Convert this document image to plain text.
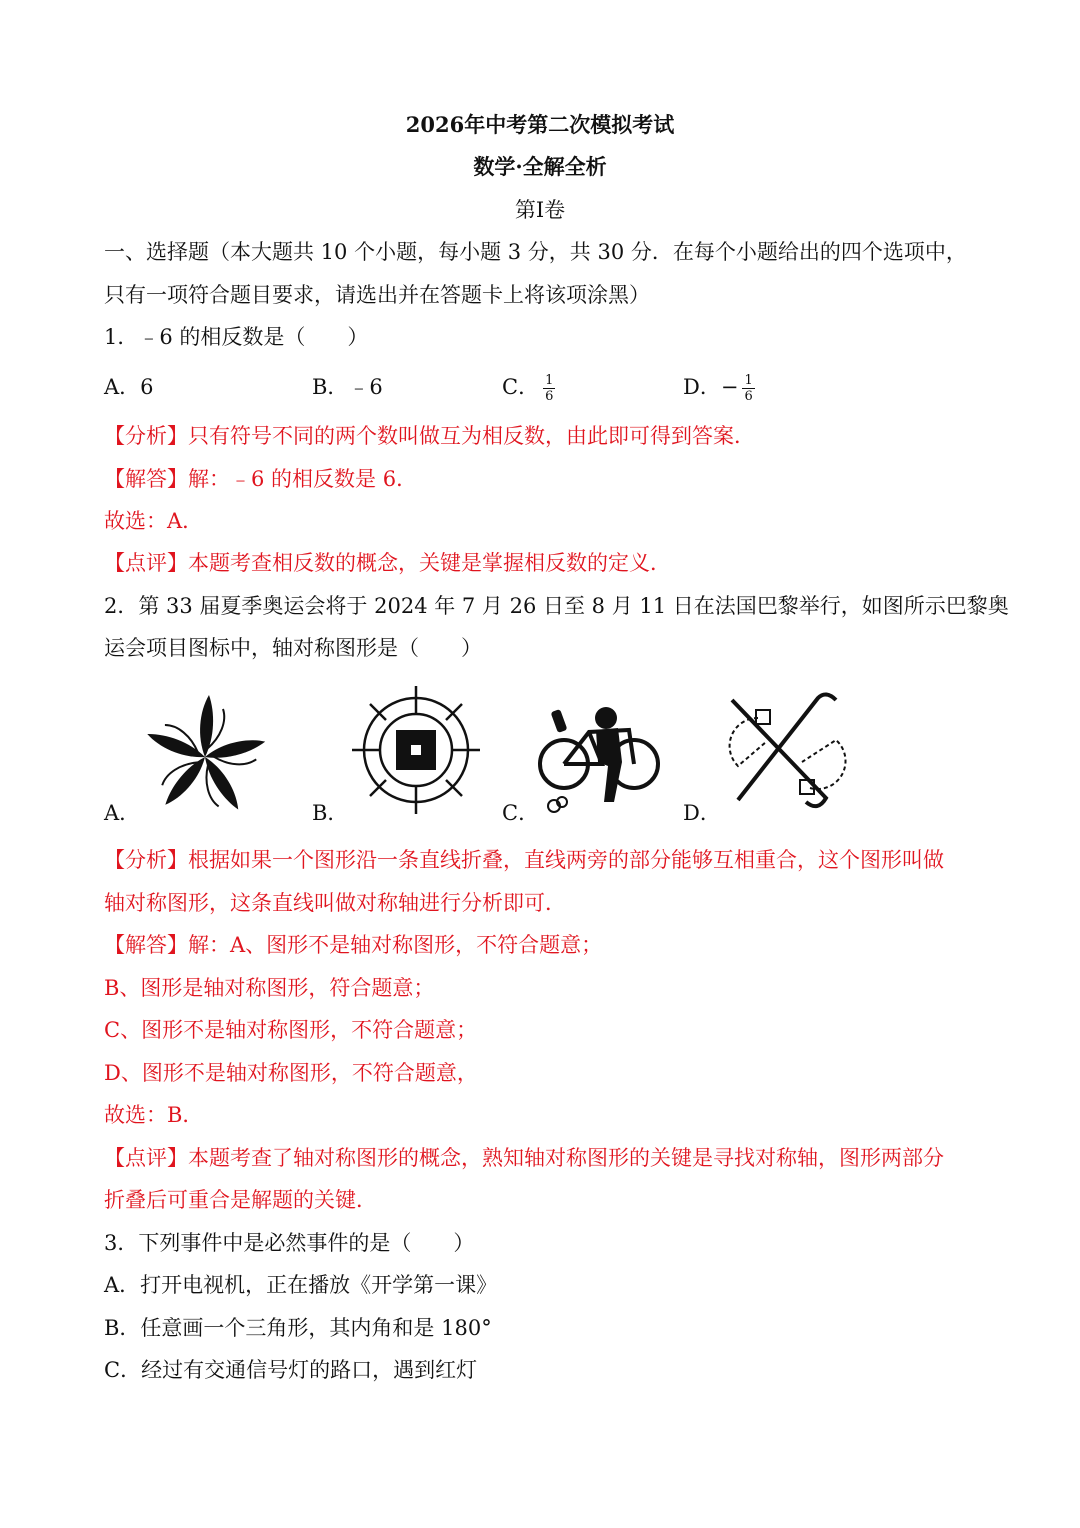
2026年中考第二次模拟考试
数学·全解全析
第Ⅰ卷
一、选择题（本大题共 10 个小题，每小题 3 分，共 30 分．在每个小题给出的四个选项中，
只有一项符合题目要求，请选出并在答题卡上将该项涂黑）
1．﹣6 的相反数是（　　）
A．6	B．﹣6	C． $\frac{1}{6}$	D．− $\frac{1}{6}$
【分析】只有符号不同的两个数叫做互为相反数，由此即可得到答案．
【解答】解：﹣6 的相反数是 6．
故选：A．
【点评】本题考查相反数的概念，关键是掌握相反数的定义．
2．第 33 届夏季奥运会将于 2024 年 7 月 26 日至 8 月 11 日在法国巴黎举行，如图所示巴黎奥
运会项目图标中，轴对称图形是（　　）
A．	B．	C．	D．
【分析】根据如果一个图形沿一条直线折叠，直线两旁的部分能够互相重合，这个图形叫做
轴对称图形，这条直线叫做对称轴进行分析即可．
【解答】解：A、图形不是轴对称图形，不符合题意；
B、图形是轴对称图形，符合题意；
C、图形不是轴对称图形，不符合题意；
D、图形不是轴对称图形，不符合题意，
故选：B．
【点评】本题考查了轴对称图形的概念，熟知轴对称图形的关键是寻找对称轴，图形两部分
折叠后可重合是解题的关键．
3．下列事件中是必然事件的是（　　）
A．打开电视机，正在播放《开学第一课》
B．任意画一个三角形，其内角和是 180°
C．经过有交通信号灯的路口，遇到红灯
